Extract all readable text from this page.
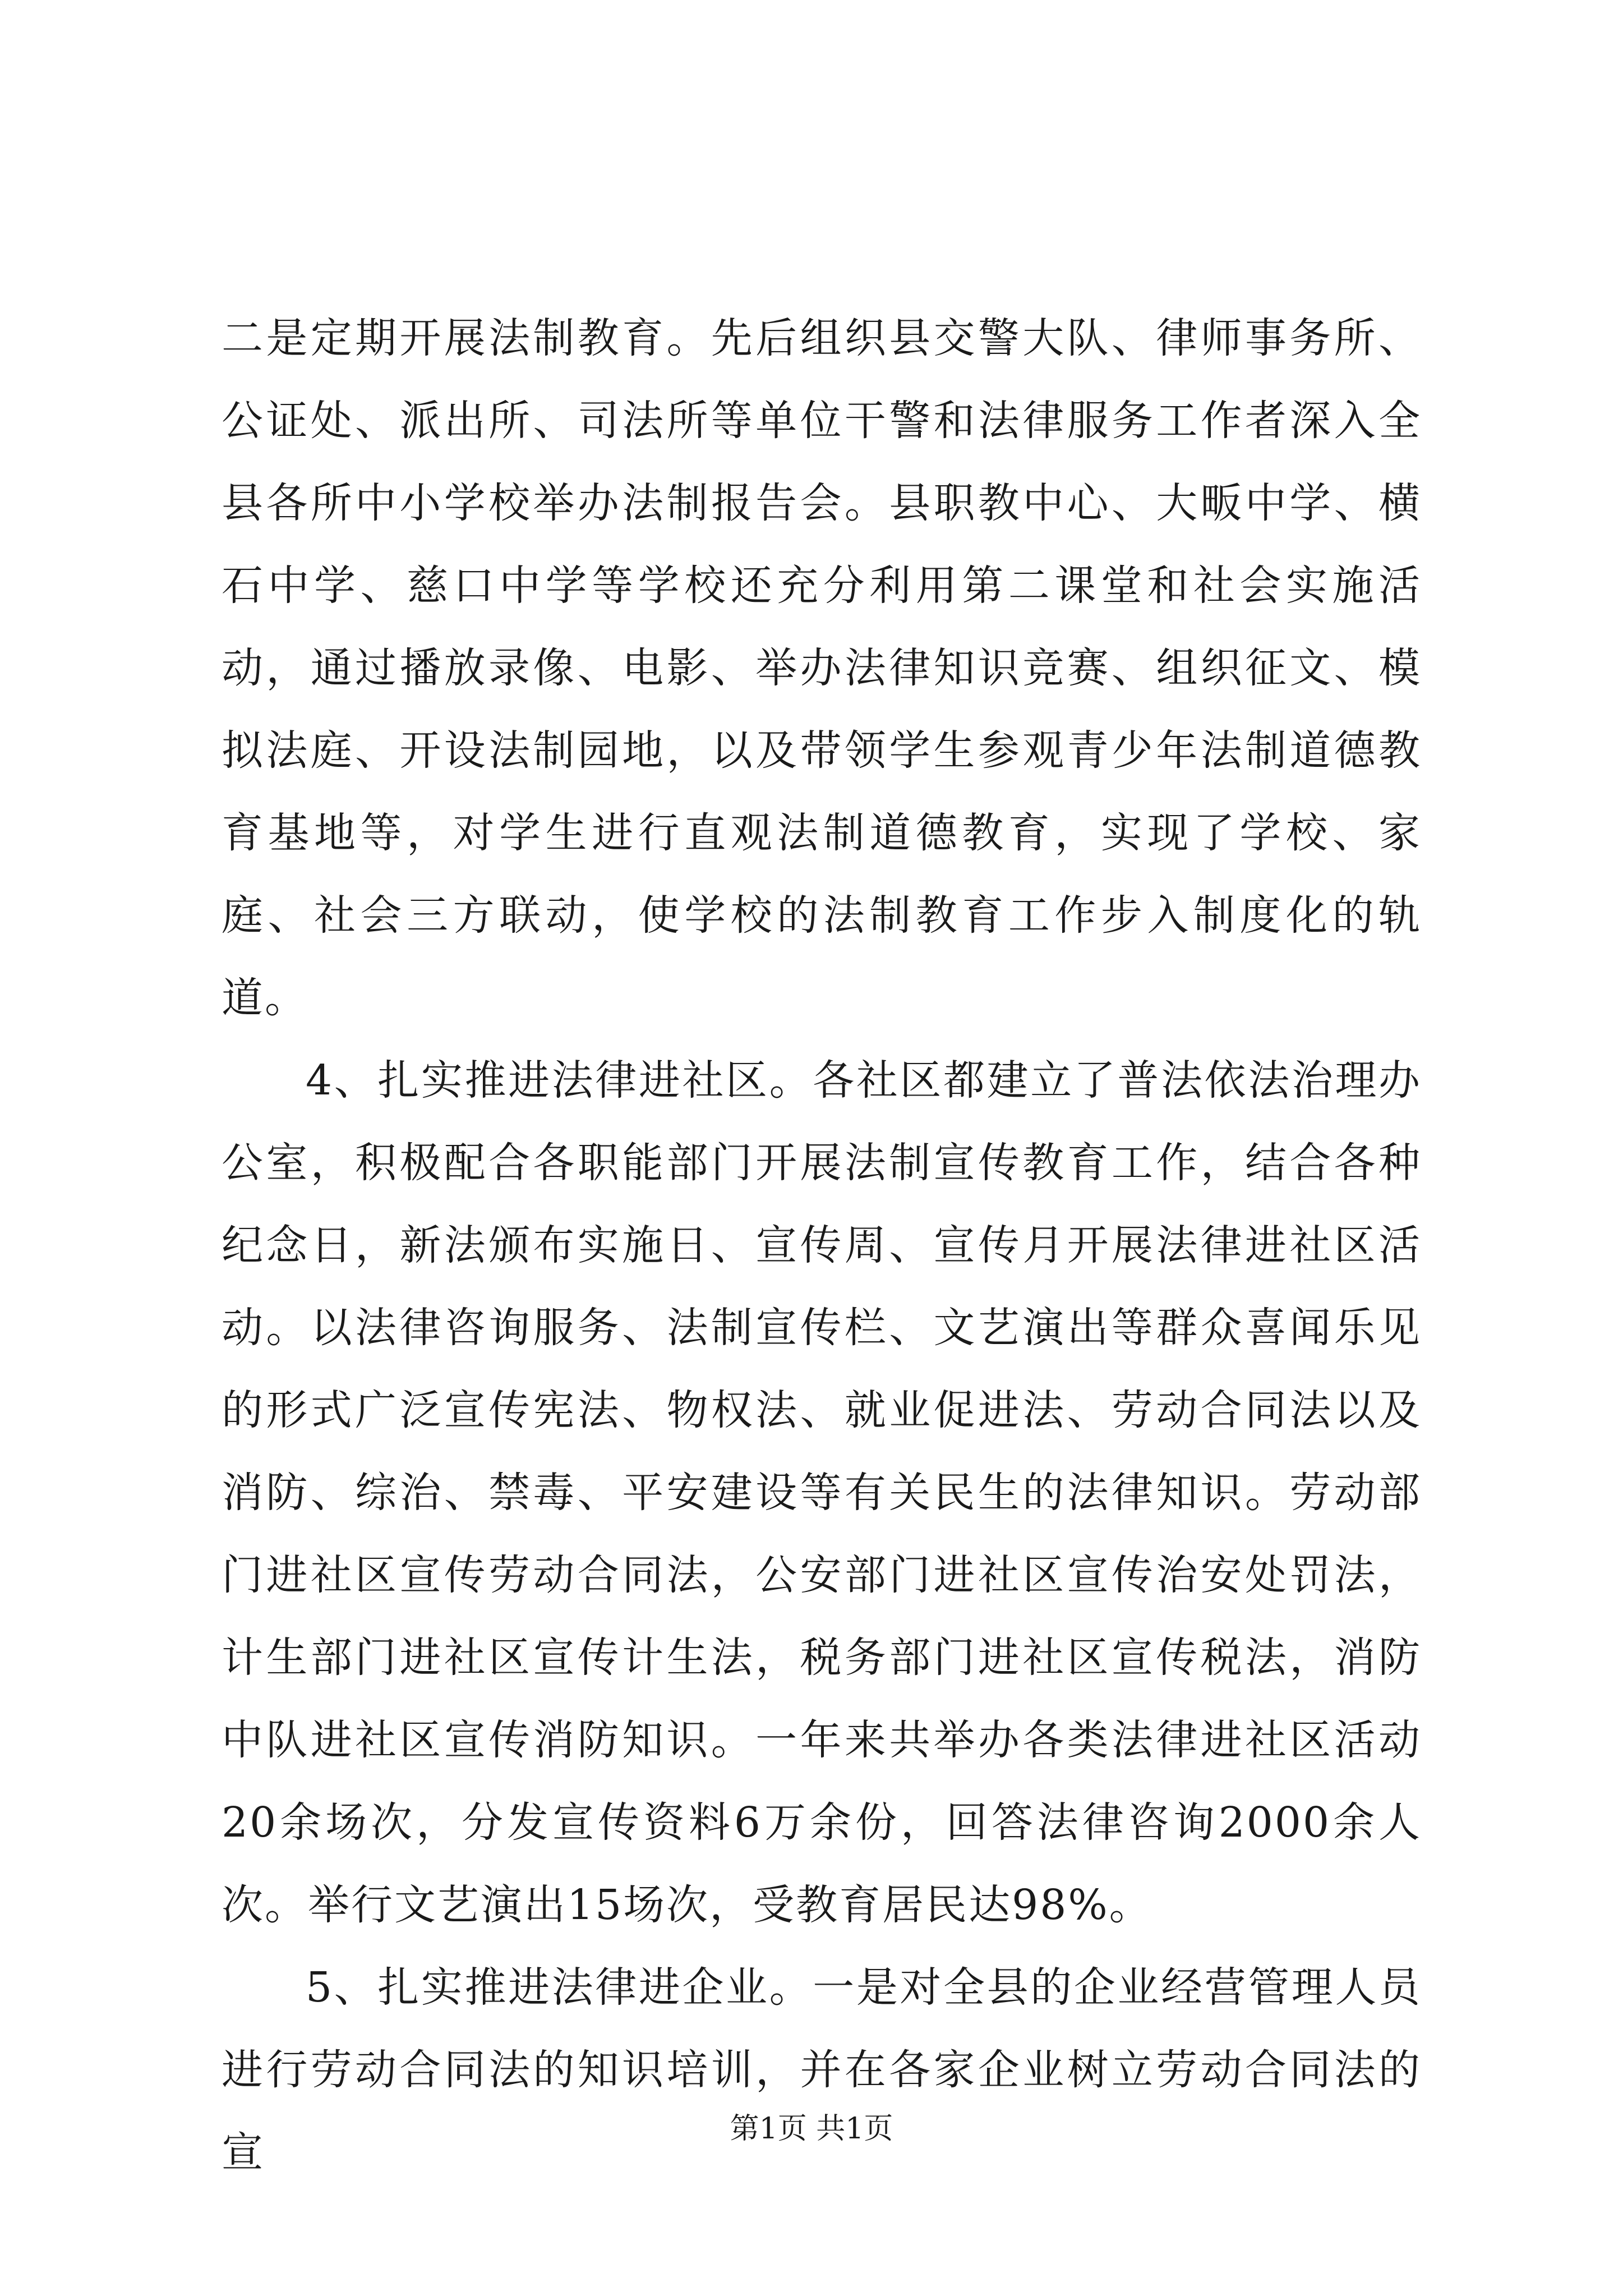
二是定期开展法制教育。先后组织县交警大队、律师事务所、公证处、派出所、司法所等单位干警和法律服务工作者深入全县各所中小学校举办法制报告会。县职教中心、大畈中学、横石中学、慈口中学等学校还充分利用第二课堂和社会实施活动，通过播放录像、电影、举办法律知识竞赛、组织征文、模拟法庭、开设法制园地，以及带领学生参观青少年法制道德教育基地等，对学生进行直观法制道德教育，实现了学校、家庭、社会三方联动，使学校的法制教育工作步入制度化的轨道。

4、扎实推进法律进社区。各社区都建立了普法依法治理办公室，积极配合各职能部门开展法制宣传教育工作，结合各种纪念日，新法颁布实施日、宣传周、宣传月开展法律进社区活动。以法律咨询服务、法制宣传栏、文艺演出等群众喜闻乐见的形式广泛宣传宪法、物权法、就业促进法、劳动合同法以及消防、综治、禁毒、平安建设等有关民生的法律知识。劳动部门进社区宣传劳动合同法，公安部门进社区宣传治安处罚法，计生部门进社区宣传计生法，税务部门进社区宣传税法，消防中队进社区宣传消防知识。一年来共举办各类法律进社区活动20余场次，分发宣传资料6万余份，回答法律咨询2000余人次。举行文艺演出15场次，受教育居民达98%。

5、扎实推进法律进企业。一是对全县的企业经营管理人员进行劳动合同法的知识培训，并在各家企业树立劳动合同法的宣	第1页 共1页
